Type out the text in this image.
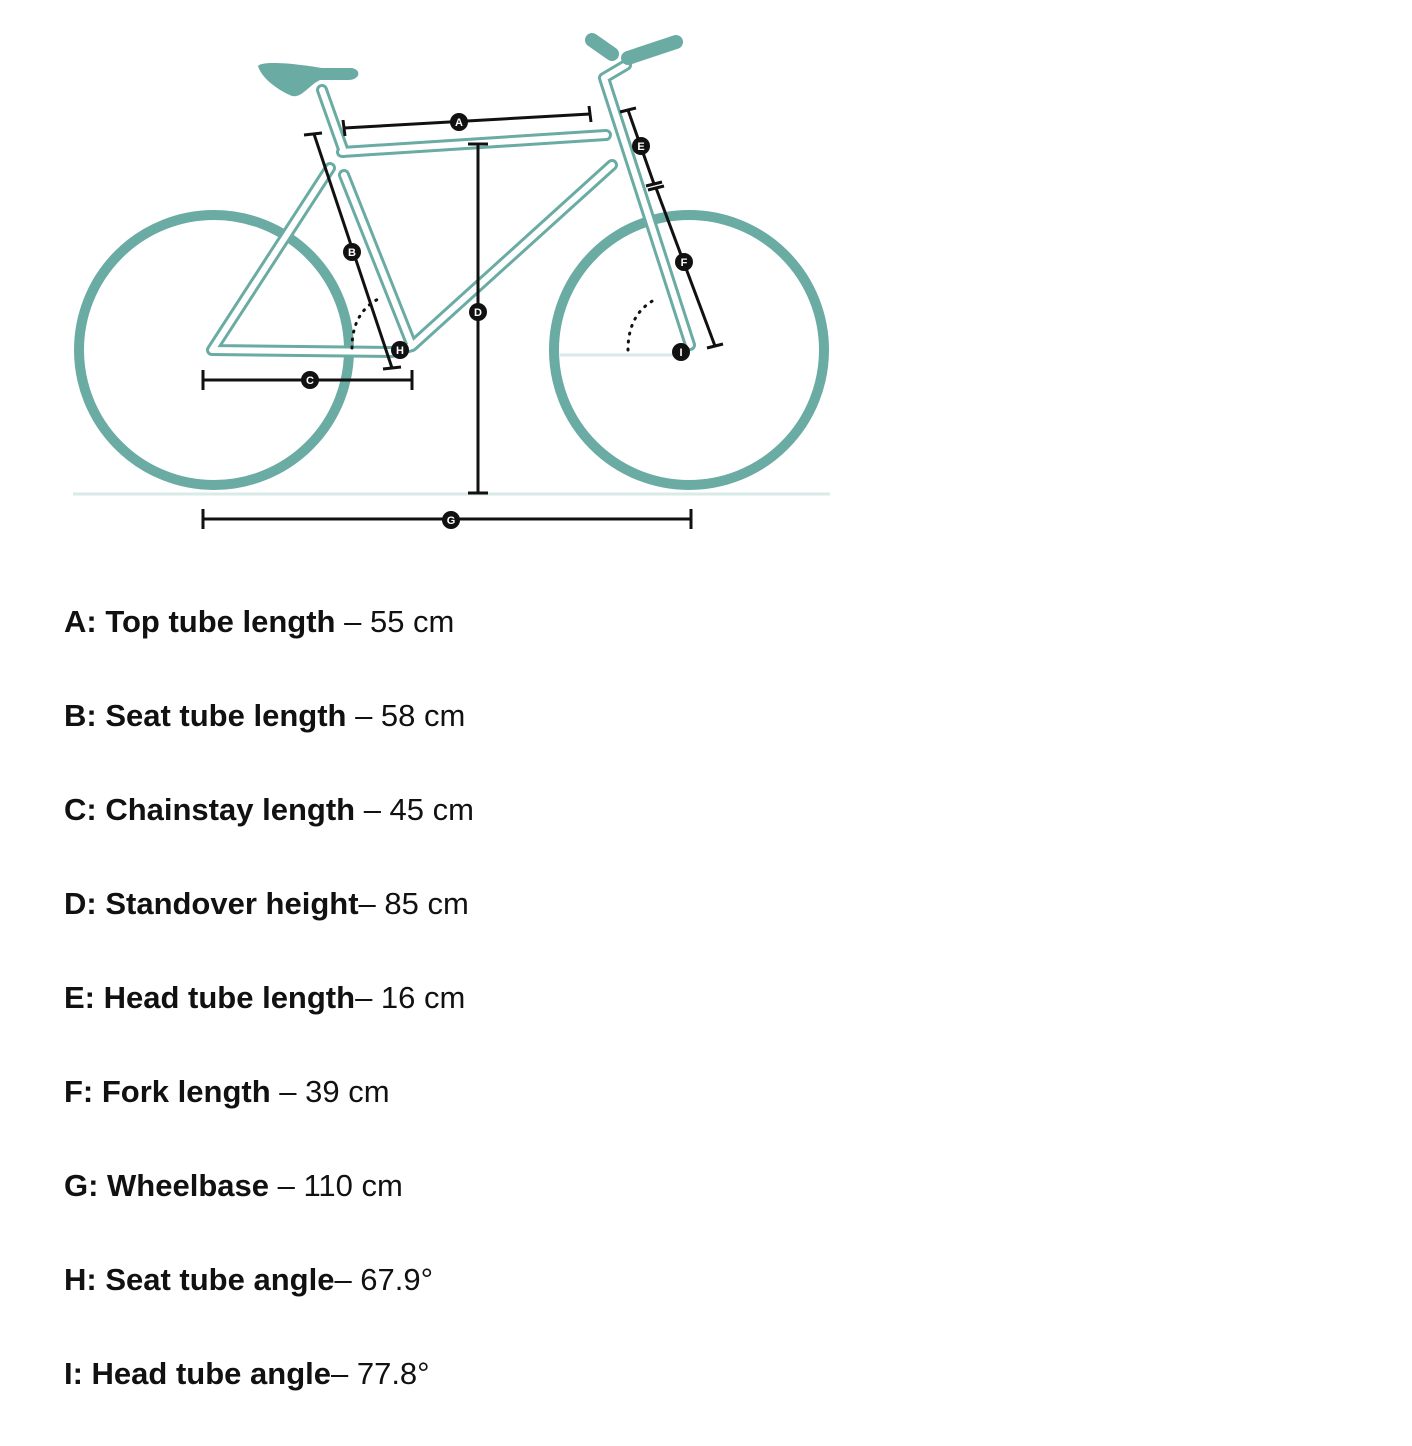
A
B
C
D
E
F
G
H	I
A: Top tube length – 55 cm
B: Seat tube length – 58 cm
C: Chainstay length – 45 cm
D: Standover height– 85 cm
E: Head tube length– 16 cm
F: Fork length – 39 cm
G: Wheelbase – 110 cm
H: Seat tube angle– 67.9°
I: Head tube angle– 77.8°
